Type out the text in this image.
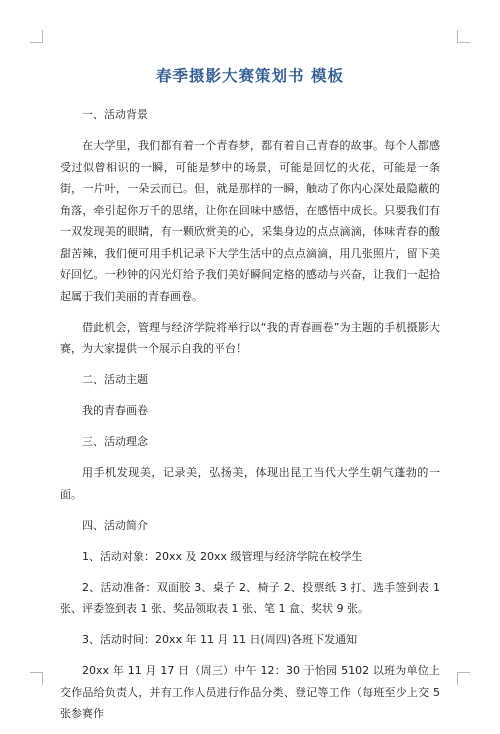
春季摄影大赛策划书 模板

一、活动背景

在大学里，我们都有着一个青春梦，都有着自己青春的故事。每个人都感受过似曾相识的一瞬，可能是梦中的场景，可能是回忆的火花，可能是一条街，一片叶，一朵云而已。但，就是那样的一瞬，触动了你内心深处最隐蔽的角落，牵引起你万千的思绪，让你在回味中感悟，在感悟中成长。只要我们有一双发现美的眼睛，有一颗欣赏美的心，采集身边的点点滴滴，体味青春的酸甜苦辣，我们便可用手机记录下大学生活中的点点滴滴，用几张照片，留下美好回忆。一秒钟的闪光灯给予我们美好瞬间定格的感动与兴奋，让我们一起拾起属于我们美丽的青春画卷。

借此机会，管理与经济学院将举行以“我的青春画卷”为主题的手机摄影大赛，为大家提供一个展示自我的平台！

二、活动主题

我的青春画卷

三、活动理念

用手机发现美，记录美，弘扬美，体现出昆工当代大学生朝气蓬勃的一面。

四、活动简介

1、活动对象：20xx 及 20xx 级管理与经济学院在校学生

2、活动准备：双面胶 3、桌子 2、椅子 2、投票纸 3 打、选手签到表 1 张、评委签到表 1 张、奖品领取表 1 张、笔 1 盒、奖状 9 张。

3、活动时间：20xx 年 11 月 11 日(周四)各班下发通知

20xx 年 11 月 17 日（周三）中午 12：30 于怡园 5102 以班为单位上交作品给负责人，并有工作人员进行作品分类、登记等工作（每班至少上交 5 张参赛作
